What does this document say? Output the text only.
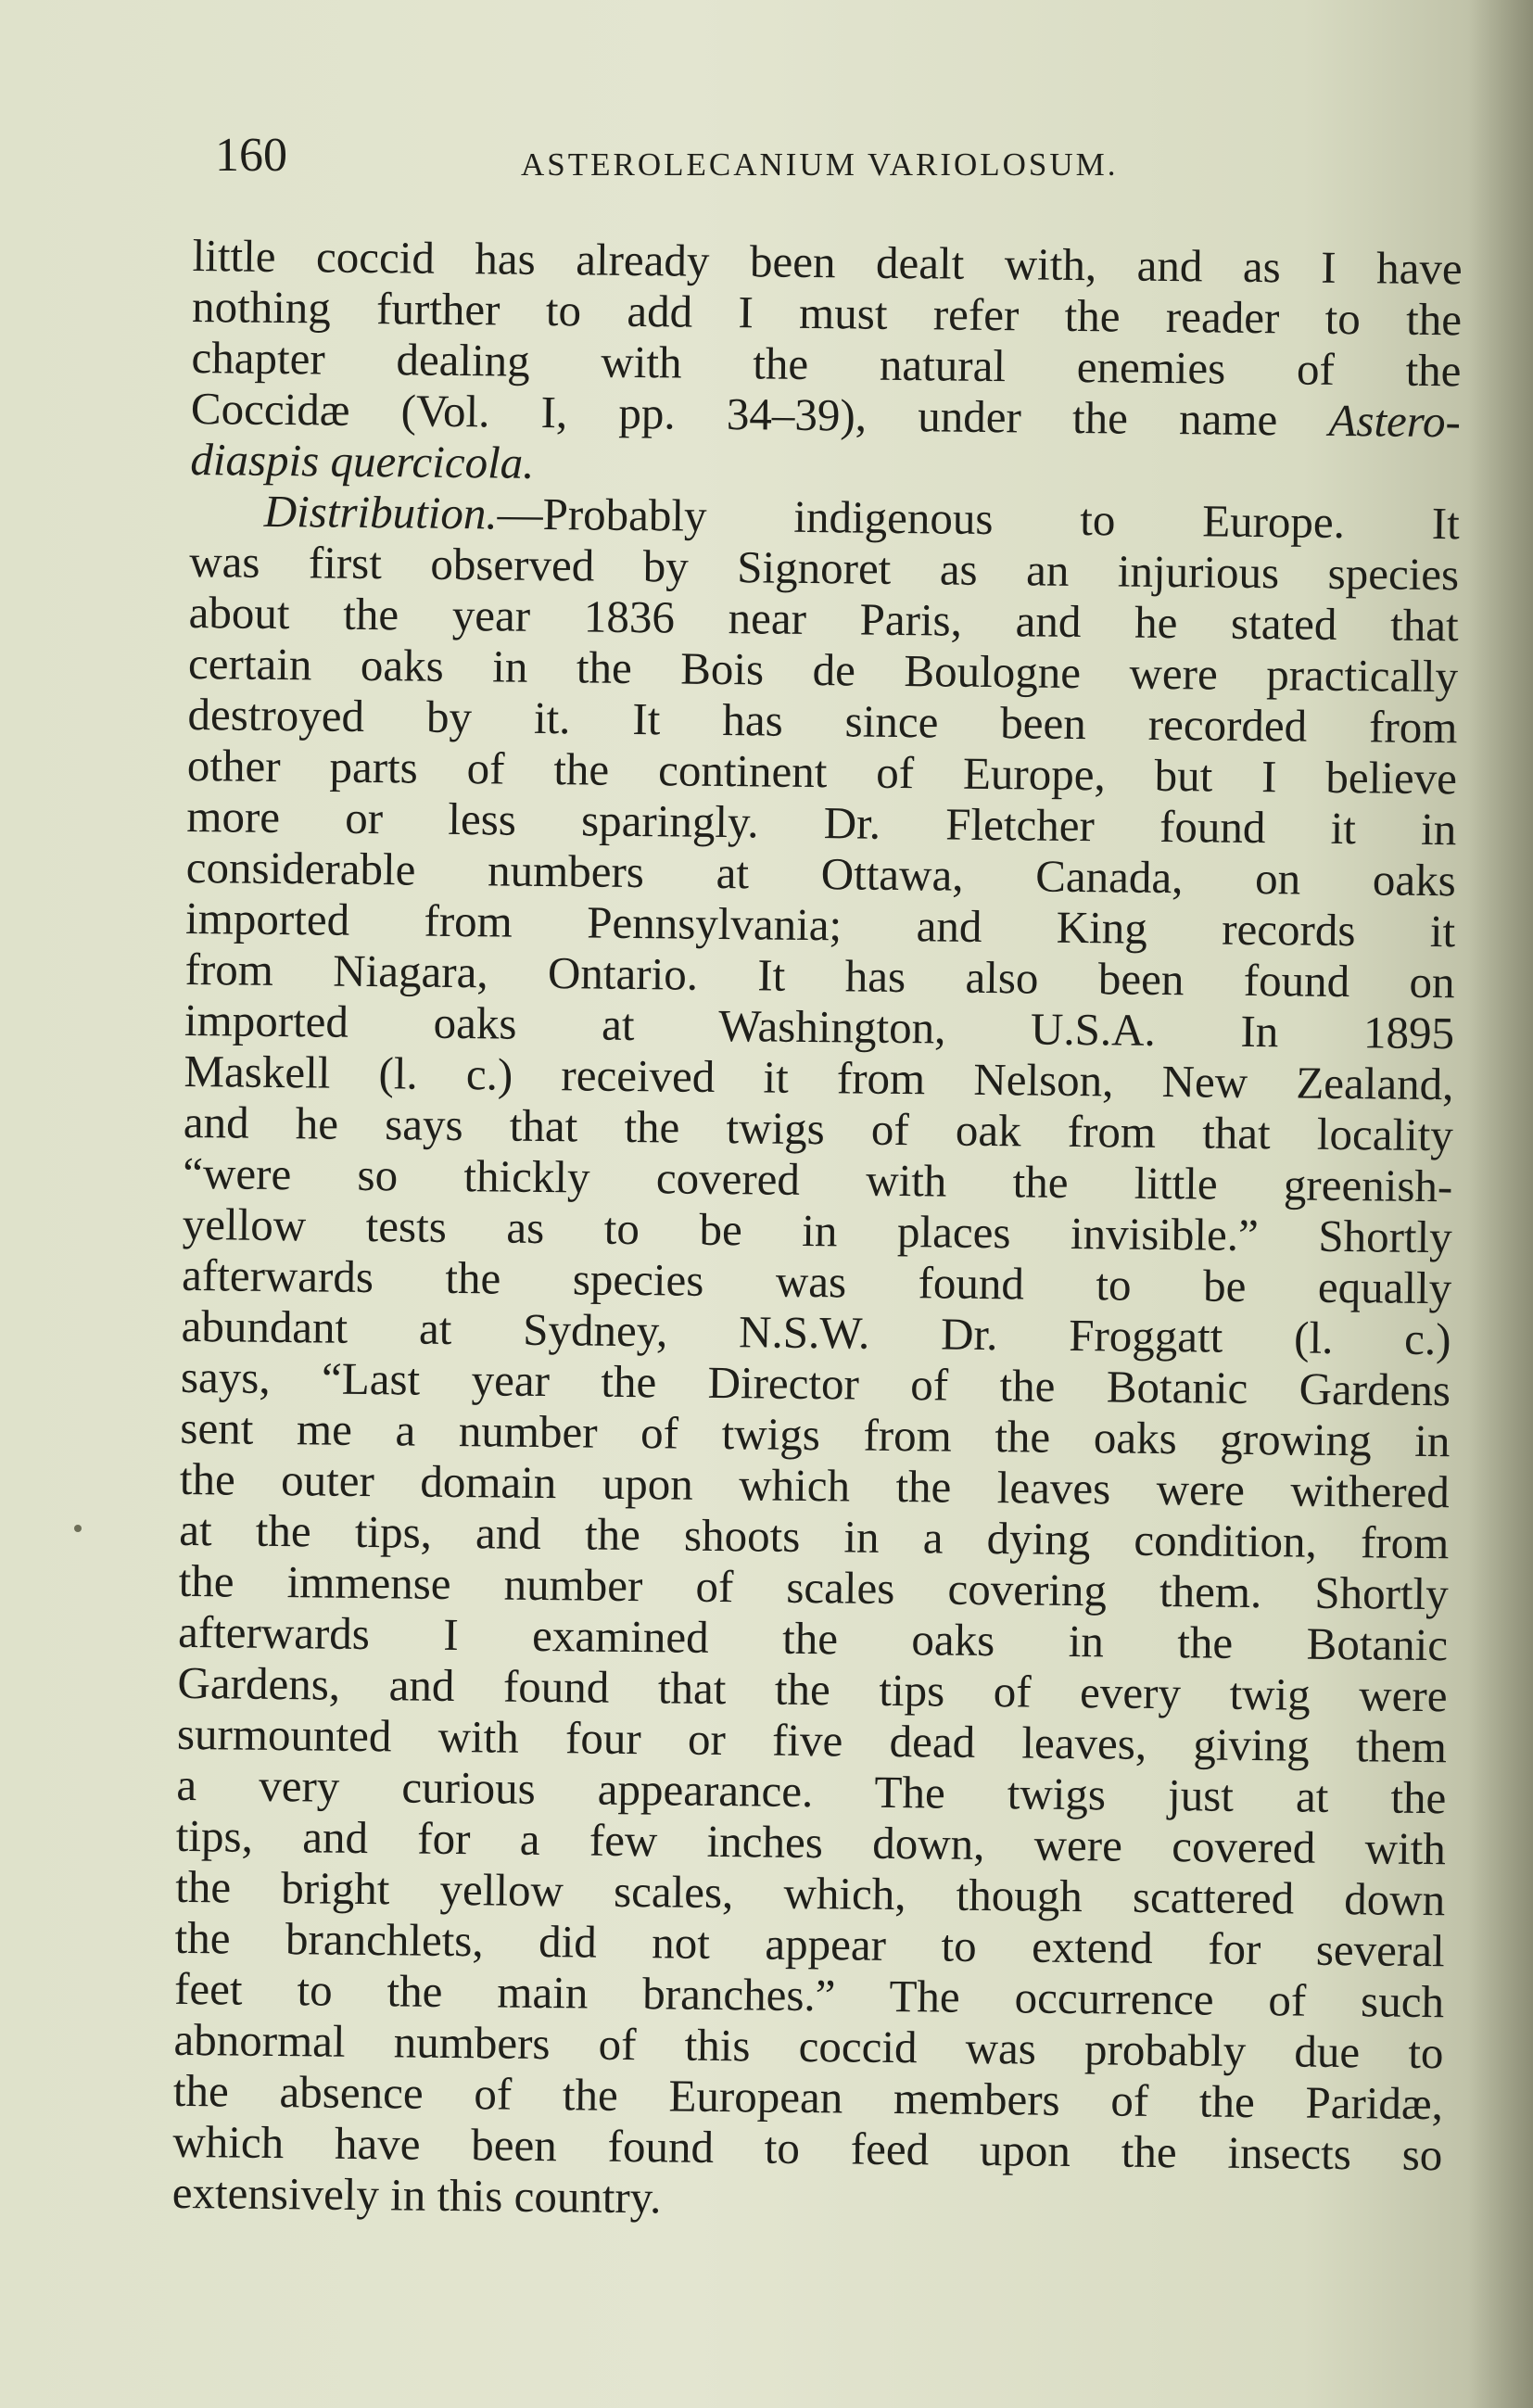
160	ASTEROLECANIUM VARIOLOSUM.
little coccid has already been dealt with, and as I have
nothing further to add I must refer the reader to the
chapter dealing with the natural enemies of the
Coccidæ (Vol. I, pp. 34–39), under the name Astero-
diaspis quercicola.
Distribution.—Probably indigenous to Europe. It
was first observed by Signoret as an injurious species
about the year 1836 near Paris, and he stated that
certain oaks in the Bois de Boulogne were practically
destroyed by it. It has since been recorded from
other parts of the continent of Europe, but I believe
more or less sparingly. Dr. Fletcher found it in
considerable numbers at Ottawa, Canada, on oaks
imported from Pennsylvania; and King records it
from Niagara, Ontario. It has also been found on
imported oaks at Washington, U.S.A. In 1895
Maskell (l. c.) received it from Nelson, New Zealand,
and he says that the twigs of oak from that locality
“were so thickly covered with the little greenish-
yellow tests as to be in places invisible.” Shortly
afterwards the species was found to be equally
abundant at Sydney, N.S.W. Dr. Froggatt (l. c.)
says, “Last year the Director of the Botanic Gardens
sent me a number of twigs from the oaks growing in
the outer domain upon which the leaves were withered
at the tips, and the shoots in a dying condition, from
the immense number of scales covering them. Shortly
afterwards I examined the oaks in the Botanic
Gardens, and found that the tips of every twig were
surmounted with four or five dead leaves, giving them
a very curious appearance. The twigs just at the
tips, and for a few inches down, were covered with
the bright yellow scales, which, though scattered down
the branchlets, did not appear to extend for several
feet to the main branches.” The occurrence of such
abnormal numbers of this coccid was probably due to
the absence of the European members of the Paridæ,
which have been found to feed upon the insects so
extensively in this country.
